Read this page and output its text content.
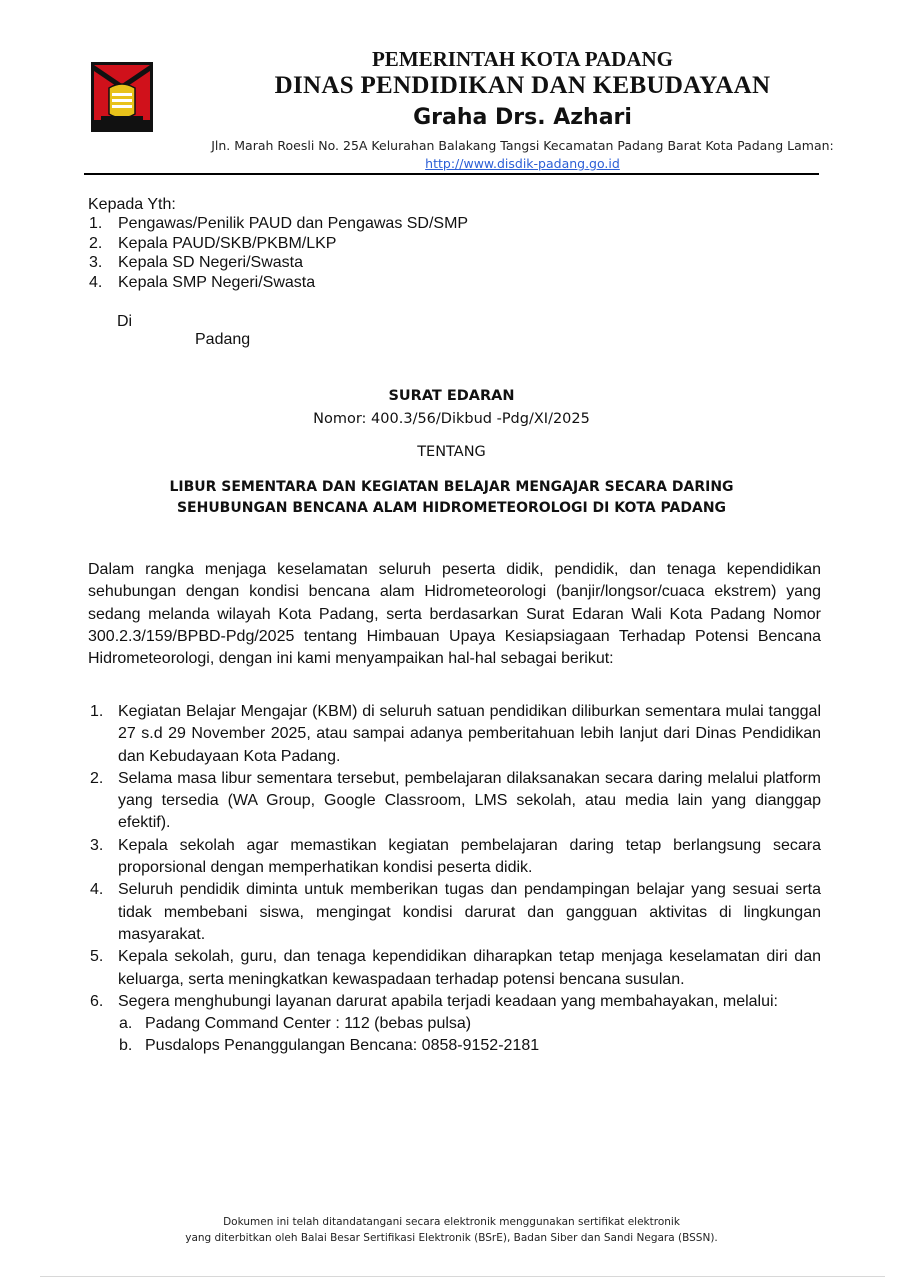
PEMERINTAH KOTA PADANG
DINAS PENDIDIKAN DAN KEBUDAYAAN
Graha Drs. Azhari
Jln. Marah Roesli No. 25A Kelurahan Balakang Tangsi Kecamatan Padang Barat Kota Padang Laman:
http://www.disdik-padang.go.id
Kepada Yth:
1. Pengawas/Penilik PAUD dan Pengawas SD/SMP
2. Kepala PAUD/SKB/PKBM/LKP
3. Kepala SD Negeri/Swasta
4. Kepala SMP Negeri/Swasta
Di
Padang
SURAT EDARAN
Nomor: 400.3/56/Dikbud -Pdg/XI/2025
TENTANG
LIBUR SEMENTARA DAN KEGIATAN BELAJAR MENGAJAR SECARA DARING
SEHUBUNGAN BENCANA ALAM HIDROMETEOROLOGI DI KOTA PADANG

Dalam rangka menjaga keselamatan seluruh peserta didik, pendidik, dan tenaga kependidikan sehubungan dengan kondisi bencana alam Hidrometeorologi (banjir/longsor/cuaca ekstrem) yang sedang melanda wilayah Kota Padang, serta berdasarkan Surat Edaran Wali Kota Padang Nomor 300.2.3/159/BPBD-Pdg/2025 tentang Himbauan Upaya Kesiapsiagaan Terhadap Potensi Bencana Hidrometeorologi, dengan ini kami menyampaikan hal-hal sebagai berikut:

1. Kegiatan Belajar Mengajar (KBM) di seluruh satuan pendidikan diliburkan sementara mulai tanggal 27 s.d 29 November 2025, atau sampai adanya pemberitahuan lebih lanjut dari Dinas Pendidikan dan Kebudayaan Kota Padang.
2. Selama masa libur sementara tersebut, pembelajaran dilaksanakan secara daring melalui platform yang tersedia (WA Group, Google Classroom, LMS sekolah, atau media lain yang dianggap efektif).
3. Kepala sekolah agar memastikan kegiatan pembelajaran daring tetap berlangsung secara proporsional dengan memperhatikan kondisi peserta didik.
4. Seluruh pendidik diminta untuk memberikan tugas dan pendampingan belajar yang sesuai serta tidak membebani siswa, mengingat kondisi darurat dan gangguan aktivitas di lingkungan masyarakat.
5. Kepala sekolah, guru, dan tenaga kependidikan diharapkan tetap menjaga keselamatan diri dan keluarga, serta meningkatkan kewaspadaan terhadap potensi bencana susulan.
6. Segera menghubungi layanan darurat apabila terjadi keadaan yang membahayakan, melalui:
a. Padang Command Center : 112 (bebas pulsa)
b. Pusdalops Penanggulangan Bencana: 0858-9152-2181
Dokumen ini telah ditandatangani secara elektronik menggunakan sertifikat elektronik
yang diterbitkan oleh Balai Besar Sertifikasi Elektronik (BSrE), Badan Siber dan Sandi Negara (BSSN).
